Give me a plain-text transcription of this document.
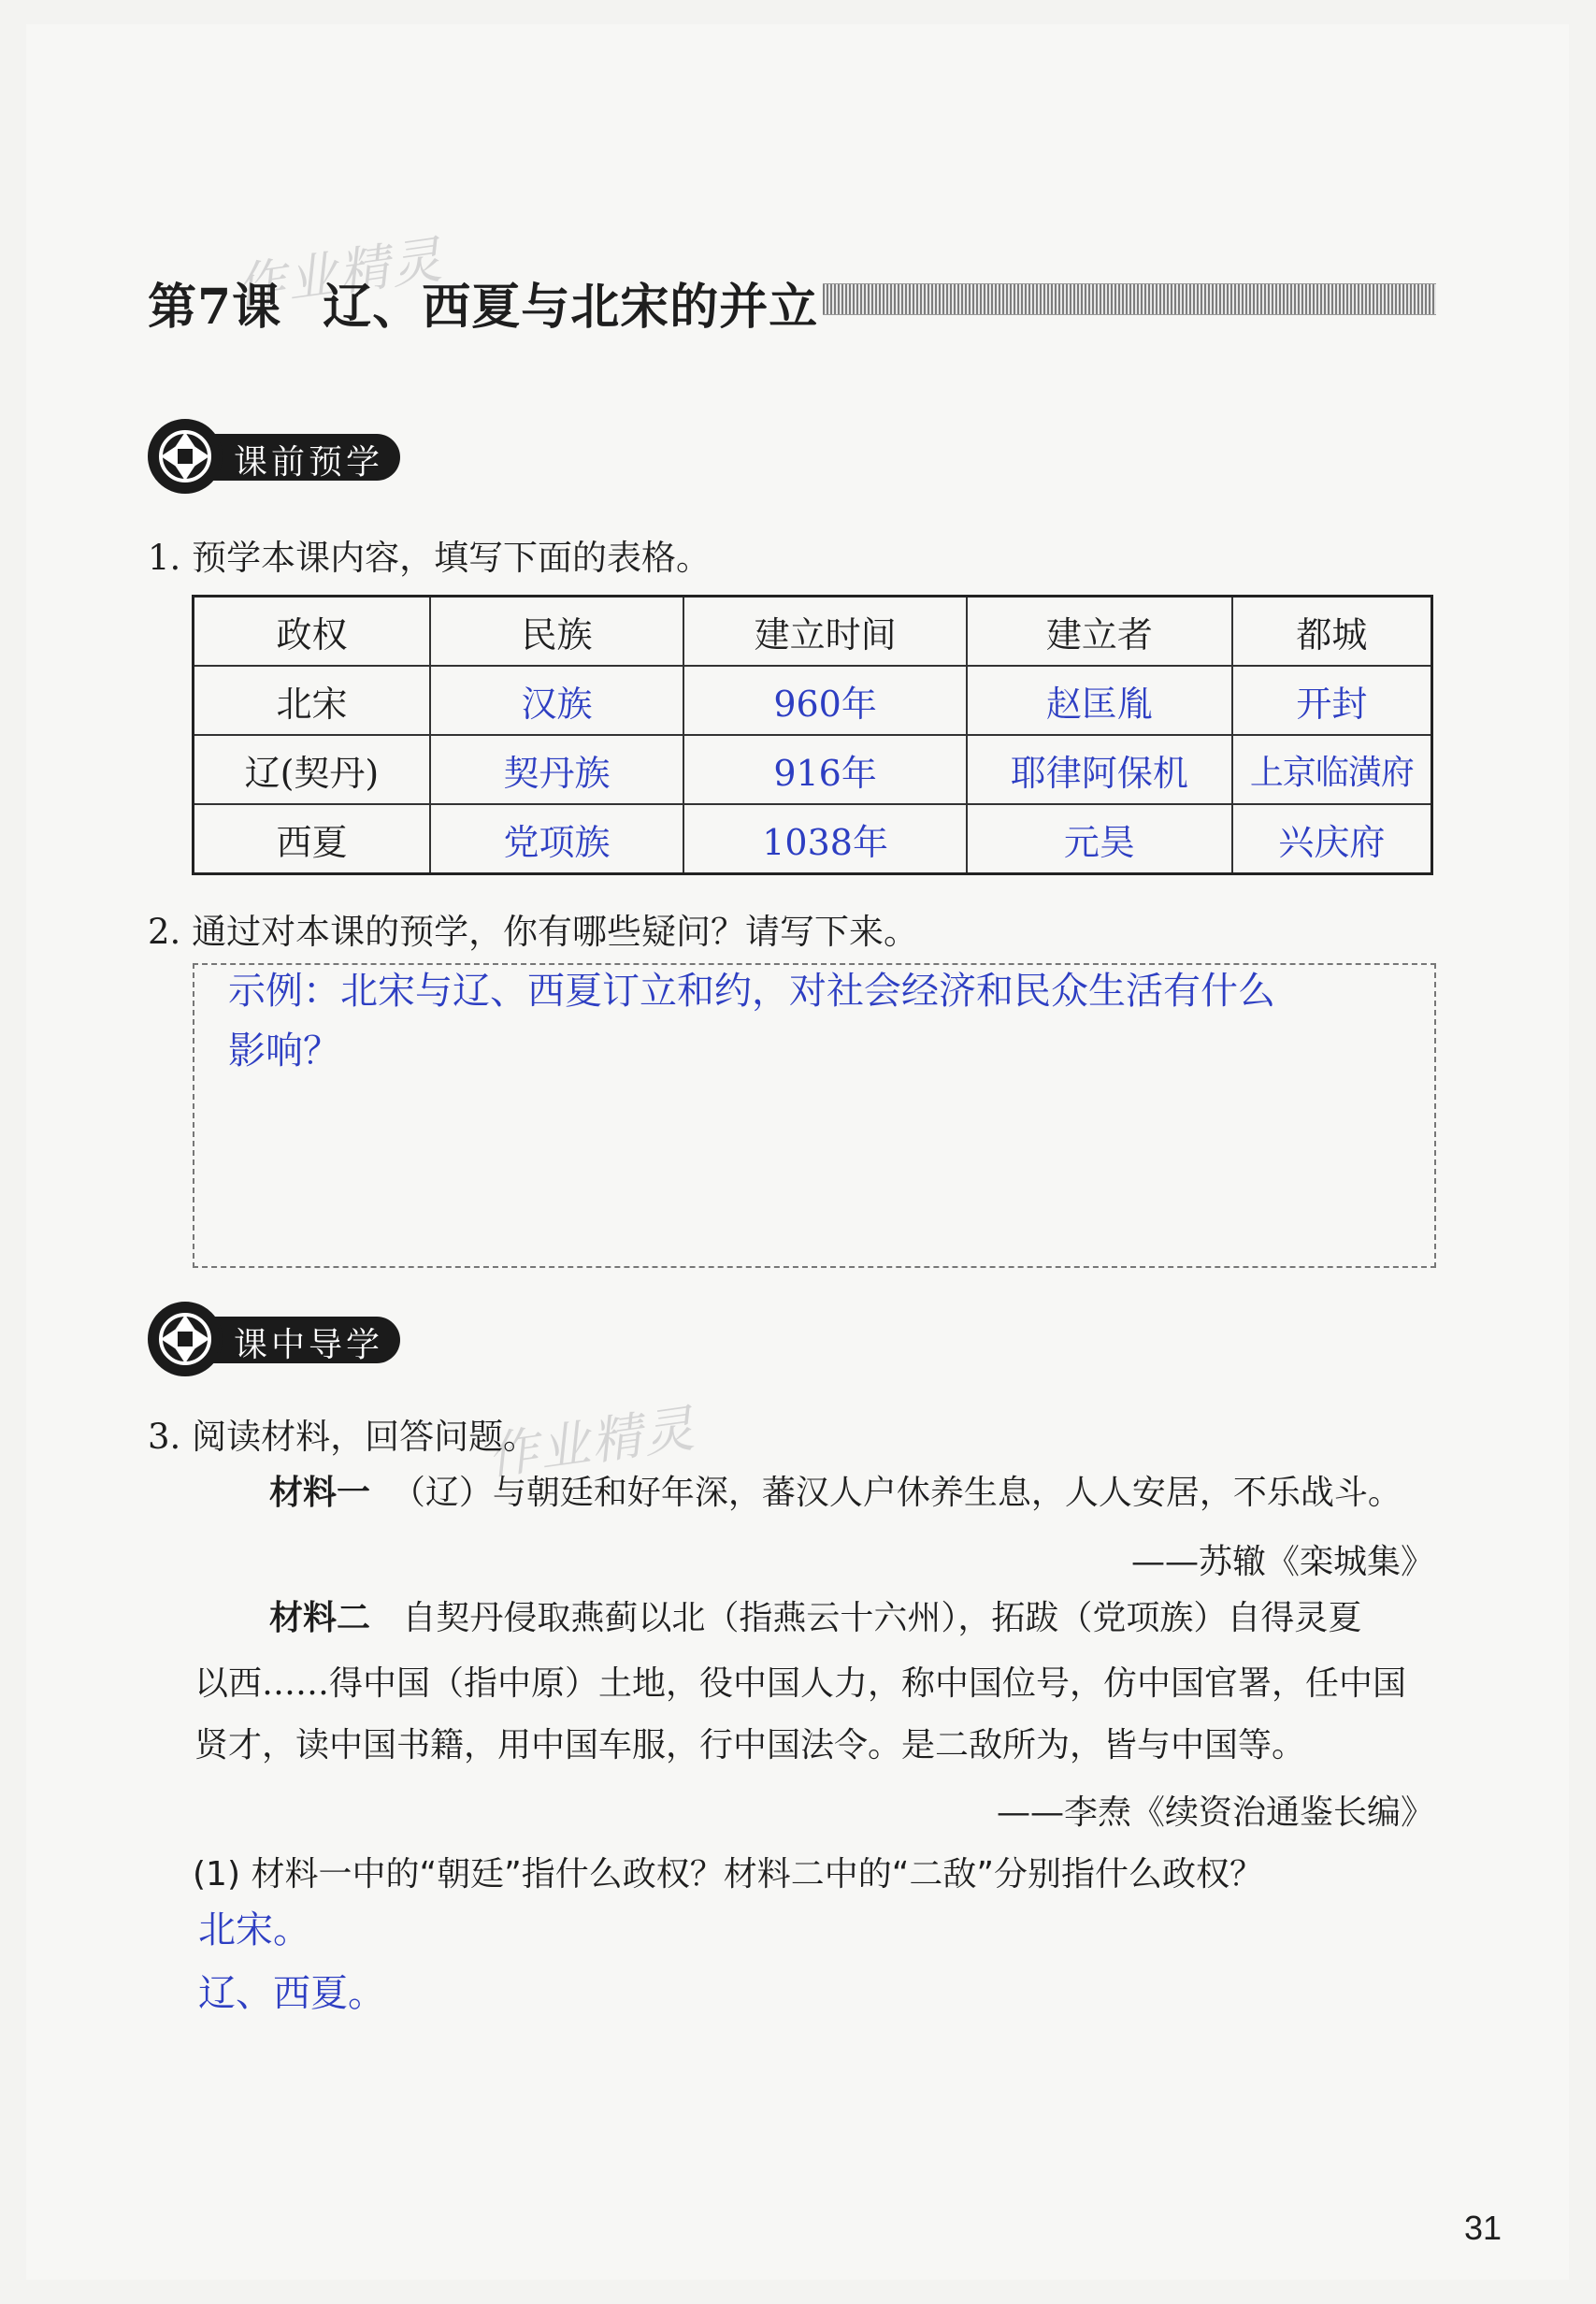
作业精灵
作业精灵
第7课 辽、西夏与北宋的并立
课前预学
1. 预学本课内容，填写下面的表格。
政权	民族	建立时间	建立者	都城
北宋	汉族	960年	赵匡胤	开封
辽(契丹)	契丹族	916年	耶律阿保机	上京临潢府
西夏	党项族	1038年	元昊	兴庆府
2. 通过对本课的预学，你有哪些疑问？请写下来。
示例：北宋与辽、西夏订立和约，对社会经济和民众生活有什么
影响？
课中导学
3. 阅读材料，回答问题。
材料一 （辽）与朝廷和好年深，蕃汉人户休养生息，人人安居，不乐战斗。
——苏辙《栾城集》
材料二 自契丹侵取燕蓟以北（指燕云十六州），拓跋（党项族）自得灵夏
以西……得中国（指中原）土地，役中国人力，称中国位号，仿中国官署，任中国
贤才，读中国书籍，用中国车服，行中国法令。是二敌所为，皆与中国等。
——李焘《续资治通鉴长编》
(1) 材料一中的“朝廷”指什么政权？材料二中的“二敌”分别指什么政权？
北宋。
辽、西夏。
31
